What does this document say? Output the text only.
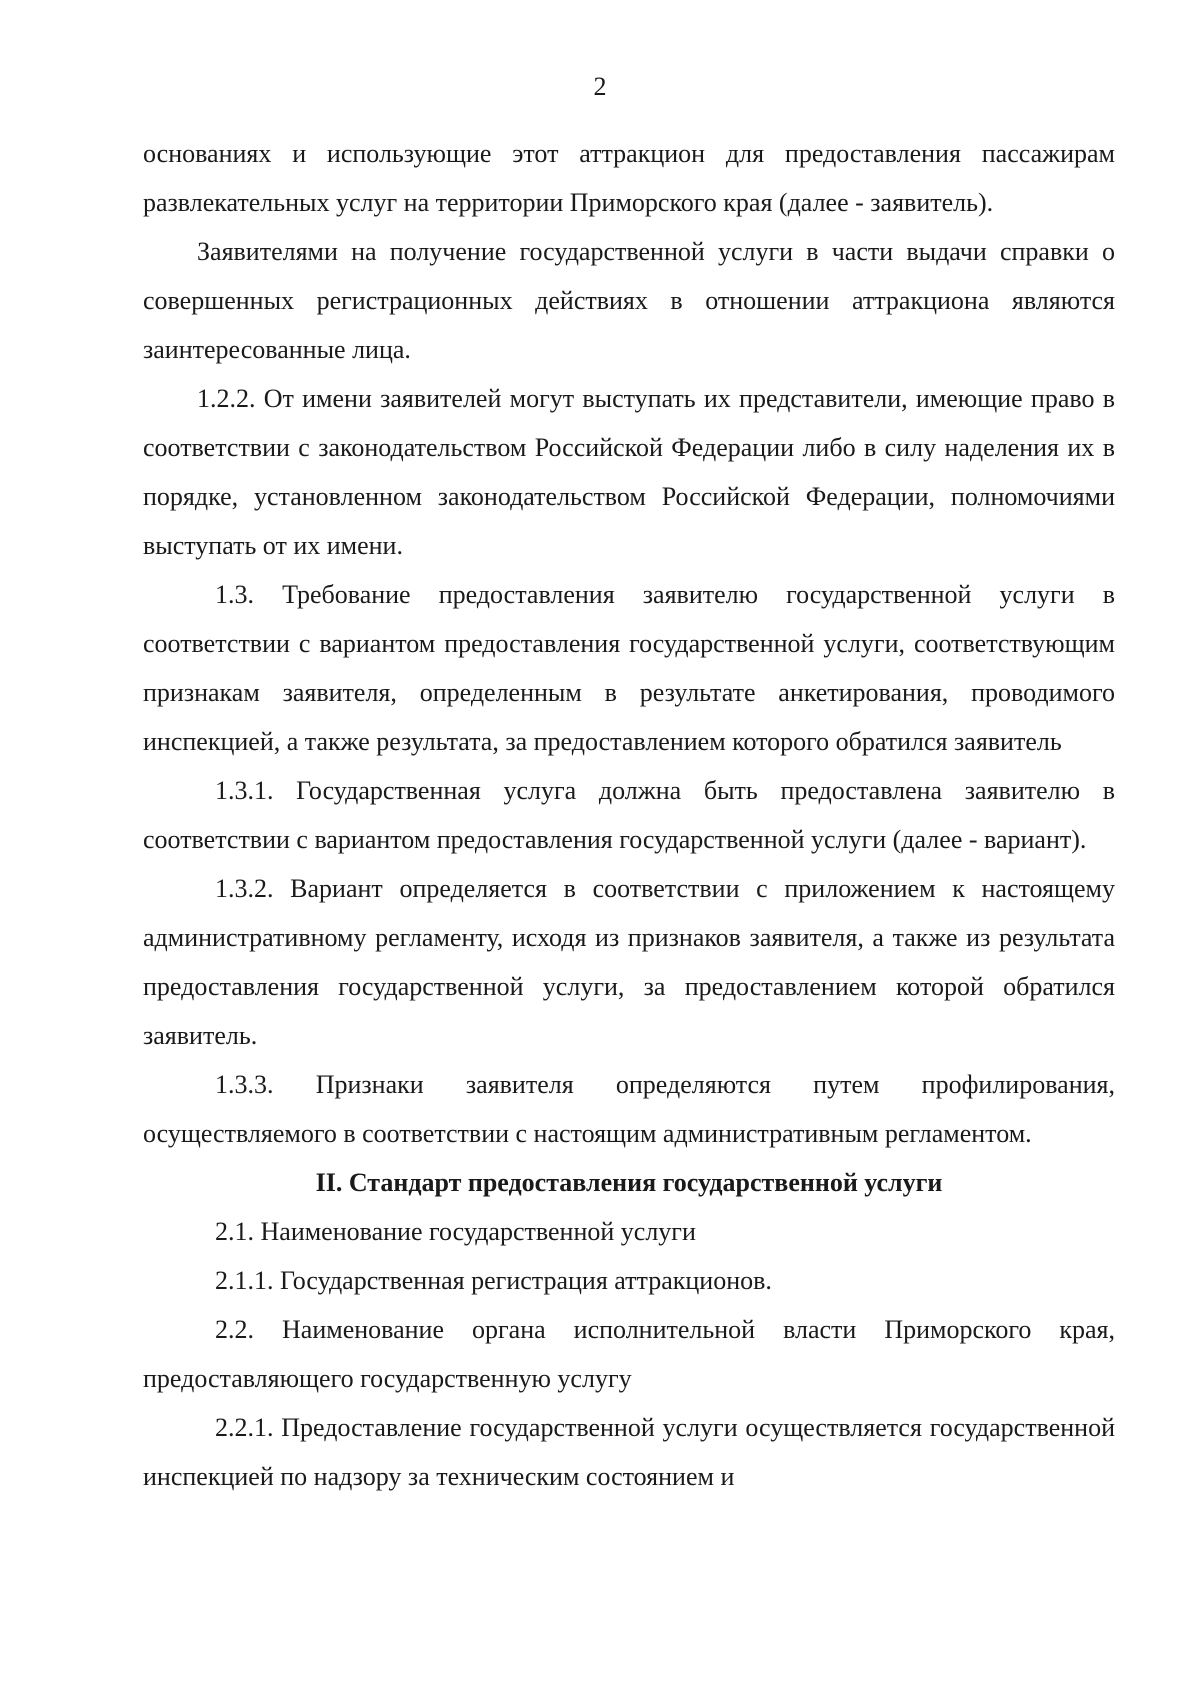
2

основаниях и использующие этот аттракцион для предоставления пассажирам развлекательных услуг на территории Приморского края (далее - заявитель).

Заявителями на получение государственной услуги в части выдачи справки о совершенных регистрационных действиях в отношении аттракциона являются заинтересованные лица.

1.2.2. От имени заявителей могут выступать их представители, имеющие право в соответствии с законодательством Российской Федерации либо в силу наделения их в порядке, установленном законодательством Российской Федерации, полномочиями выступать от их имени.

1.3. Требование предоставления заявителю государственной услуги в соответствии с вариантом предоставления государственной услуги, соответствующим признакам заявителя, определенным в результате анкетирования, проводимого инспекцией, а также результата, за предоставлением которого обратился заявитель

1.3.1. Государственная услуга должна быть предоставлена заявителю в соответствии с вариантом предоставления государственной услуги (далее - вариант).

1.3.2. Вариант определяется в соответствии с приложением к настоящему административному регламенту, исходя из признаков заявителя, а также из результата предоставления государственной услуги, за предоставлением которой обратился заявитель.

1.3.3. Признаки заявителя определяются путем профилирования, осуществляемого в соответствии с настоящим административным регламентом.

II. Стандарт предоставления государственной услуги

2.1. Наименование государственной услуги

2.1.1. Государственная регистрация аттракционов.

2.2. Наименование органа исполнительной власти Приморского края, предоставляющего государственную услугу

2.2.1. Предоставление государственной услуги осуществляется государственной инспекцией по надзору за техническим состоянием и
